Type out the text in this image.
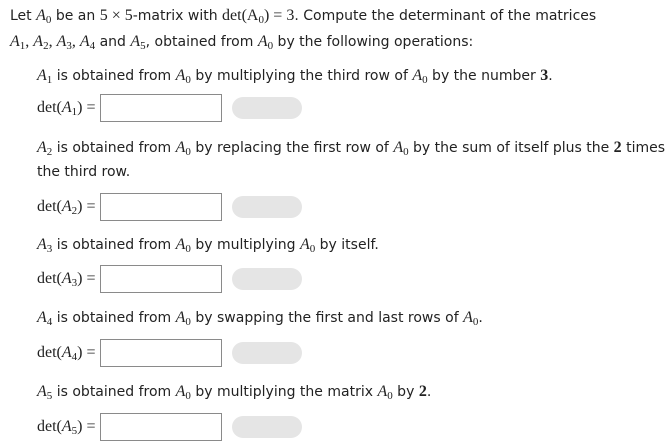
Let $A_0$ be an 5 × 5-matrix with $\det(A_0) = 3$. Compute the determinant of the matrices
$A_1$, $A_2$, $A_3$, $A_4$ and $A_5$, obtained from $A_0$ by the following operations:
$A_1$ is obtained from $A_0$ by multiplying the third row of $A_0$ by the number 3.
$\det(A_1)$ =
$A_2$ is obtained from $A_0$ by replacing the first row of $A_0$ by the sum of itself plus the 2 times
the third row.
$\det(A_2)$ =
$A_3$ is obtained from $A_0$ by multiplying $A_0$ by itself.
$\det(A_3)$ =
$A_4$ is obtained from $A_0$ by swapping the first and last rows of $A_0$.
$\det(A_4)$ =
$A_5$ is obtained from $A_0$ by multiplying the matrix $A_0$ by 2.
$\det(A_5)$ =
